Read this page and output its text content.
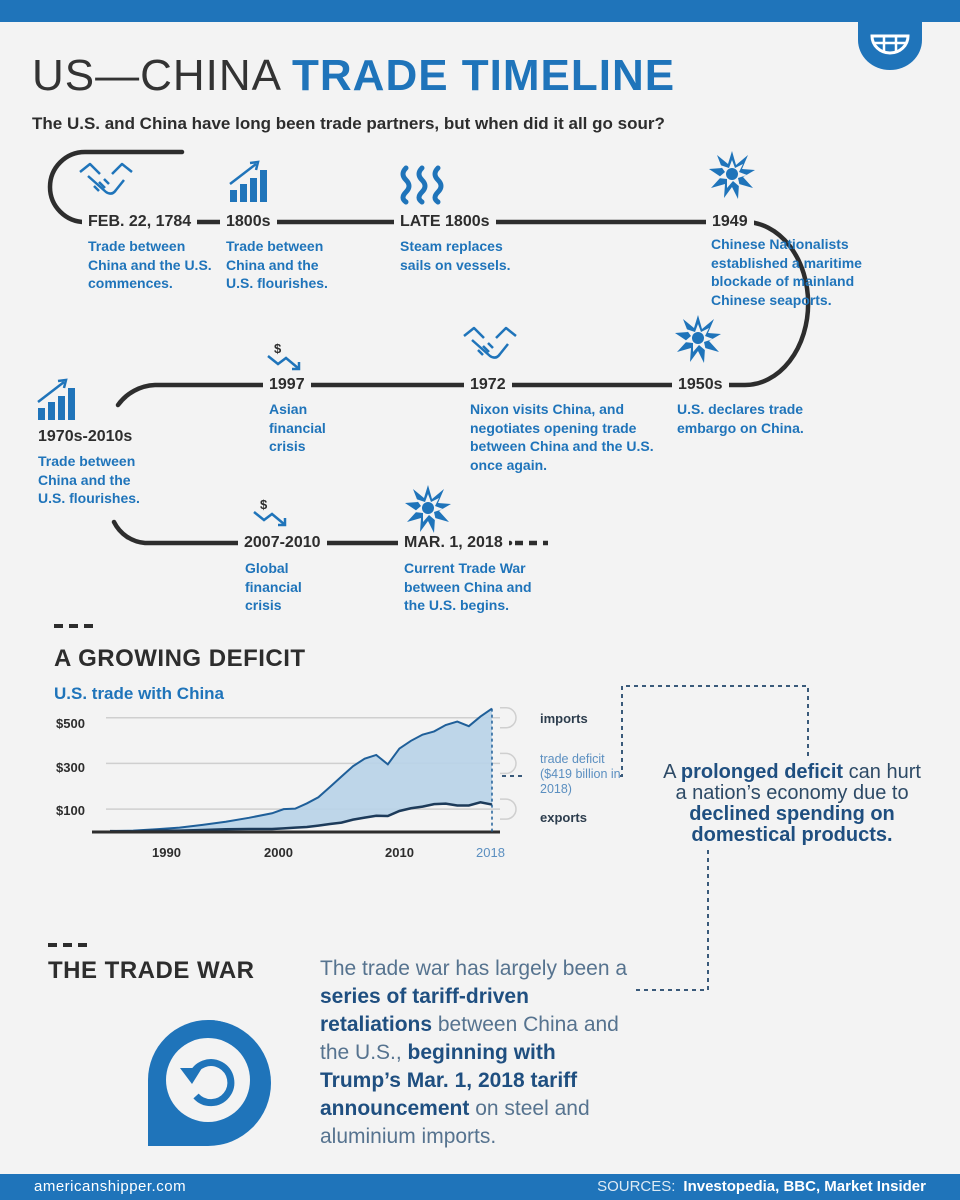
US—CHINA TRADE TIMELINE
The U.S. and China have long been trade partners, but when did it all go sour?
$
$
FEB. 22, 1784
Trade between China and the U.S. commences.
1800s
Trade between China and the U.S. flourishes.
LATE 1800s
Steam replaces sails on vessels.
1949
Chinese Nationalists established a maritime blockade of mainland Chinese seaports.
1950s
U.S. declares trade embargo on China.
1972
Nixon visits China, and negotiates opening trade between China and the U.S. once again.
1997
Asian financial crisis
1970s-2010s
Trade between China and the U.S. flourishes.
2007-2010
Global financial crisis
MAR. 1, 2018
Current Trade War between China and the U.S. begins.
A GROWING DEFICIT
U.S. trade with China
$500
$300
$100
1990	2000	2010	2018
imports
trade deficit
($419 billion in 2018)
exports
A prolonged deficit can hurt a nation’s economy due to declined spending on domestical products.
THE TRADE WAR	The trade war has largely been a series of tariff-driven retaliations between China and the U.S., beginning with Trump’s Mar. 1, 2018 tariff announcement on steel and aluminium imports.
americanshipper.com	SOURCES: Investopedia, BBC, Market Insider
